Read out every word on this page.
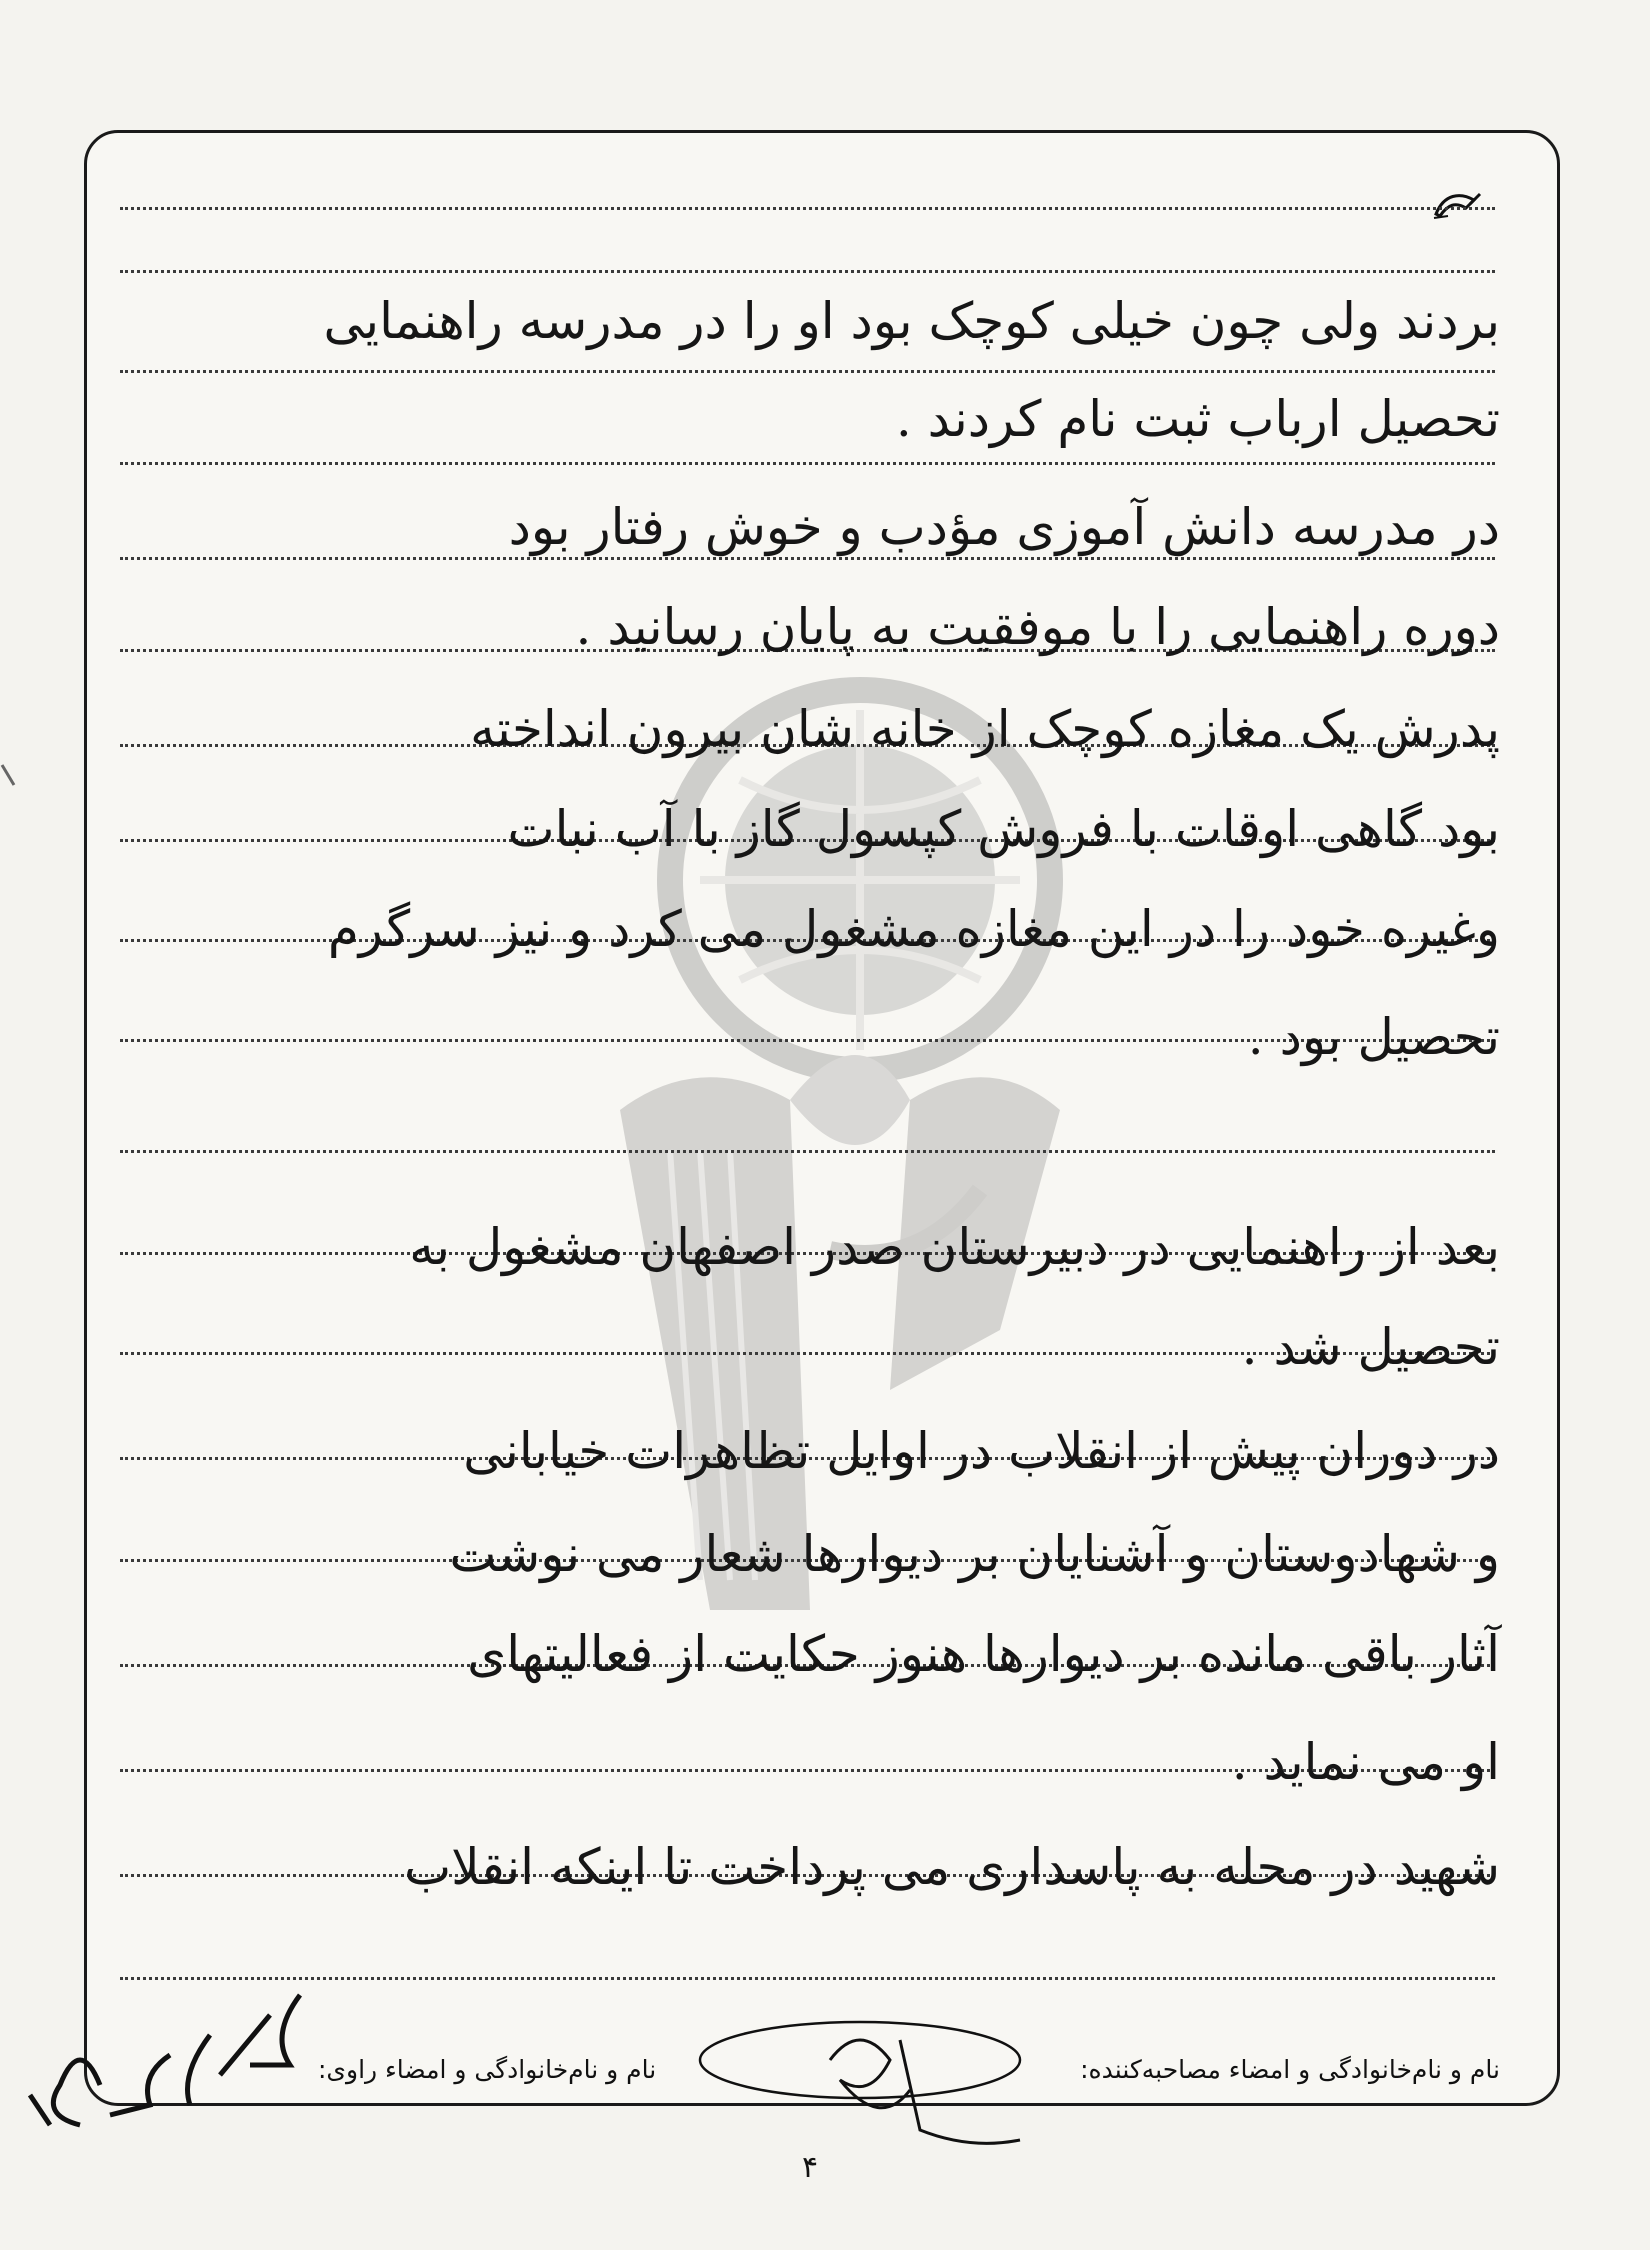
بردند ولی چون خیلی کوچک بود او را در مدرسه راهنمایی
تحصیل ارباب ثبت نام کردند .
در مدرسه دانش آموزی مؤدب و خوش رفتار بود
دوره راهنمایی را با موفقیت به پایان رسانید .
پدرش یک مغازه کوچک از خانه شان بیرون انداخته
بود گاهی اوقات با فروش کپسول گاز با آب نبات
وغیره خود را در این مغازه مشغول می کرد و نیز سرگرم
تحصیل بود .
بعد از راهنمایی در دبیرستان صدر اصفهان مشغول به
تحصیل شد .
در دوران پیش از انقلاب در اوایل تظاهرات خیابانی
و شهادوستان و آشنایان بر دیوارها شعار می نوشت
آثار باقی مانده بر دیوارها هنوز حکایت از فعالیتهای
او می نماید .
شهید در محله به پاسداری می پرداخت تا اینکه انقلاب
نام و نام‌خانوادگی و امضاء مصاحبه‌کننده:
نام و نام‌خانوادگی و امضاء راوی:
۴
